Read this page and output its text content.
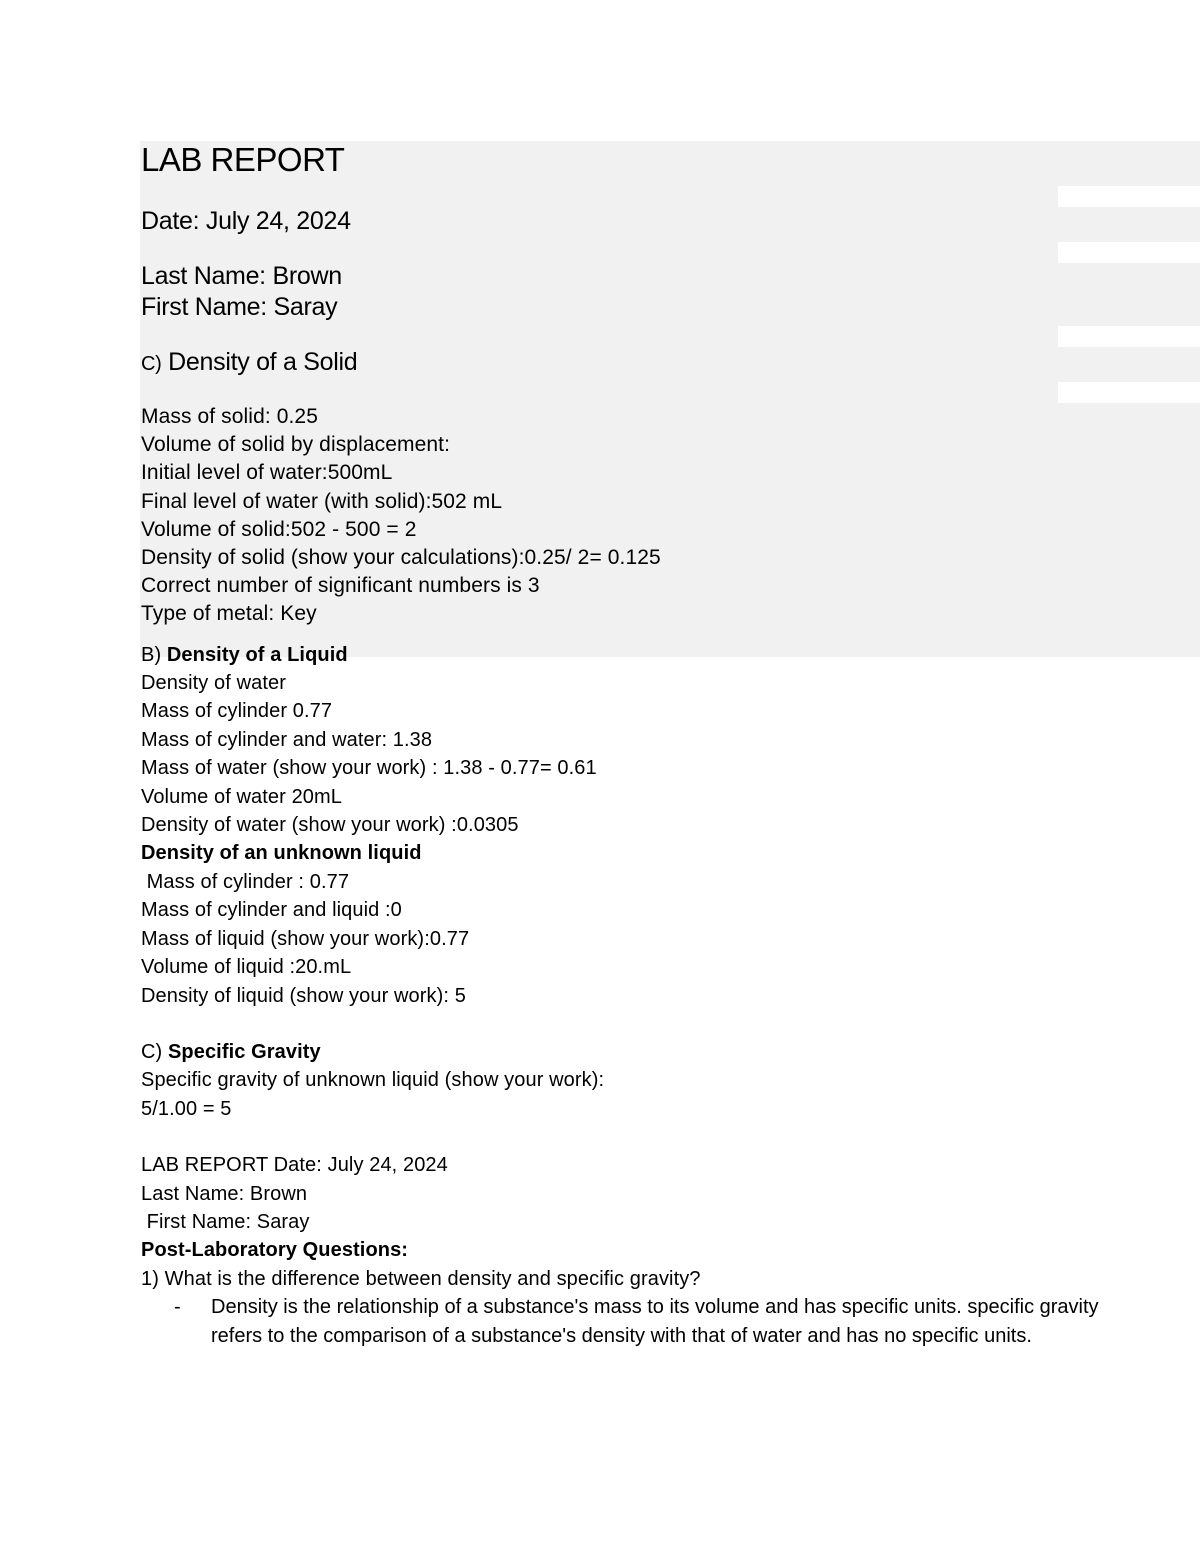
LAB REPORT

Date: July 24, 2024

Last Name: Brown

First Name: Saray

C) Density of a Solid

Mass of solid: 0.25

Volume of solid by displacement:

Initial level of water:500mL

Final level of water (with solid):502 mL

Volume of solid:502 - 500 = 2

Density of solid (show your calculations):0.25/ 2= 0.125

Correct number of significant numbers is 3

Type of metal: Key

B) Density of a Liquid

Density of water

Mass of cylinder 0.77

Mass of cylinder and water: 1.38

Mass of water (show your work) : 1.38 - 0.77= 0.61

Volume of water 20mL

Density of water (show your work) :0.0305

Density of an unknown liquid

Mass of cylinder : 0.77

Mass of cylinder and liquid :0

Mass of liquid (show your work):0.77

Volume of liquid :20.mL

Density of liquid (show your work): 5

C) Specific Gravity

Specific gravity of unknown liquid (show your work):

5/1.00 = 5

LAB REPORT Date: July 24, 2024

Last Name: Brown

First Name: Saray

Post-Laboratory Questions:

1) What is the difference between density and specific gravity?

- Density is the relationship of a substance's mass to its volume and has specific units. specific gravity refers to the comparison of a substance's density with that of water and has no specific units.
